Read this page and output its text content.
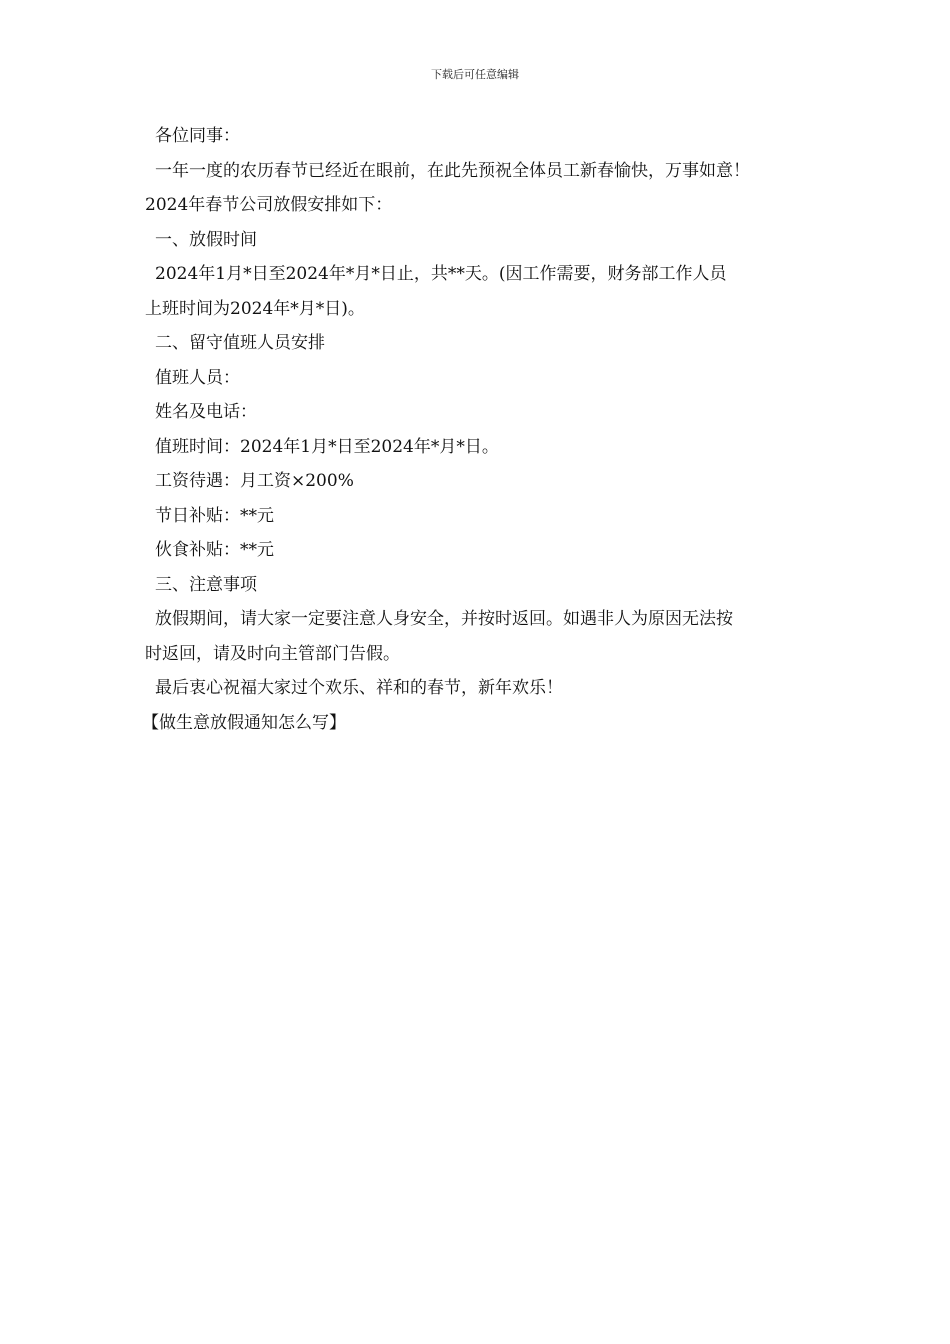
下载后可任意编辑
各位同事：
一年一度的农历春节已经近在眼前，在此先预祝全体员工新春愉快，万事如意！
2024年春节公司放假安排如下：
一、放假时间
2024年1月*日至2024年*月*日止，共**天。(因工作需要，财务部工作人员
上班时间为2024年*月*日)。
二、留守值班人员安排
值班人员：
姓名及电话：
值班时间：2024年1月*日至2024年*月*日。
工资待遇：月工资×200%
节日补贴：**元
伙食补贴：**元
三、注意事项
放假期间，请大家一定要注意人身安全，并按时返回。如遇非人为原因无法按
时返回，请及时向主管部门告假。
最后衷心祝福大家过个欢乐、祥和的春节，新年欢乐！
【做生意放假通知怎么写】
